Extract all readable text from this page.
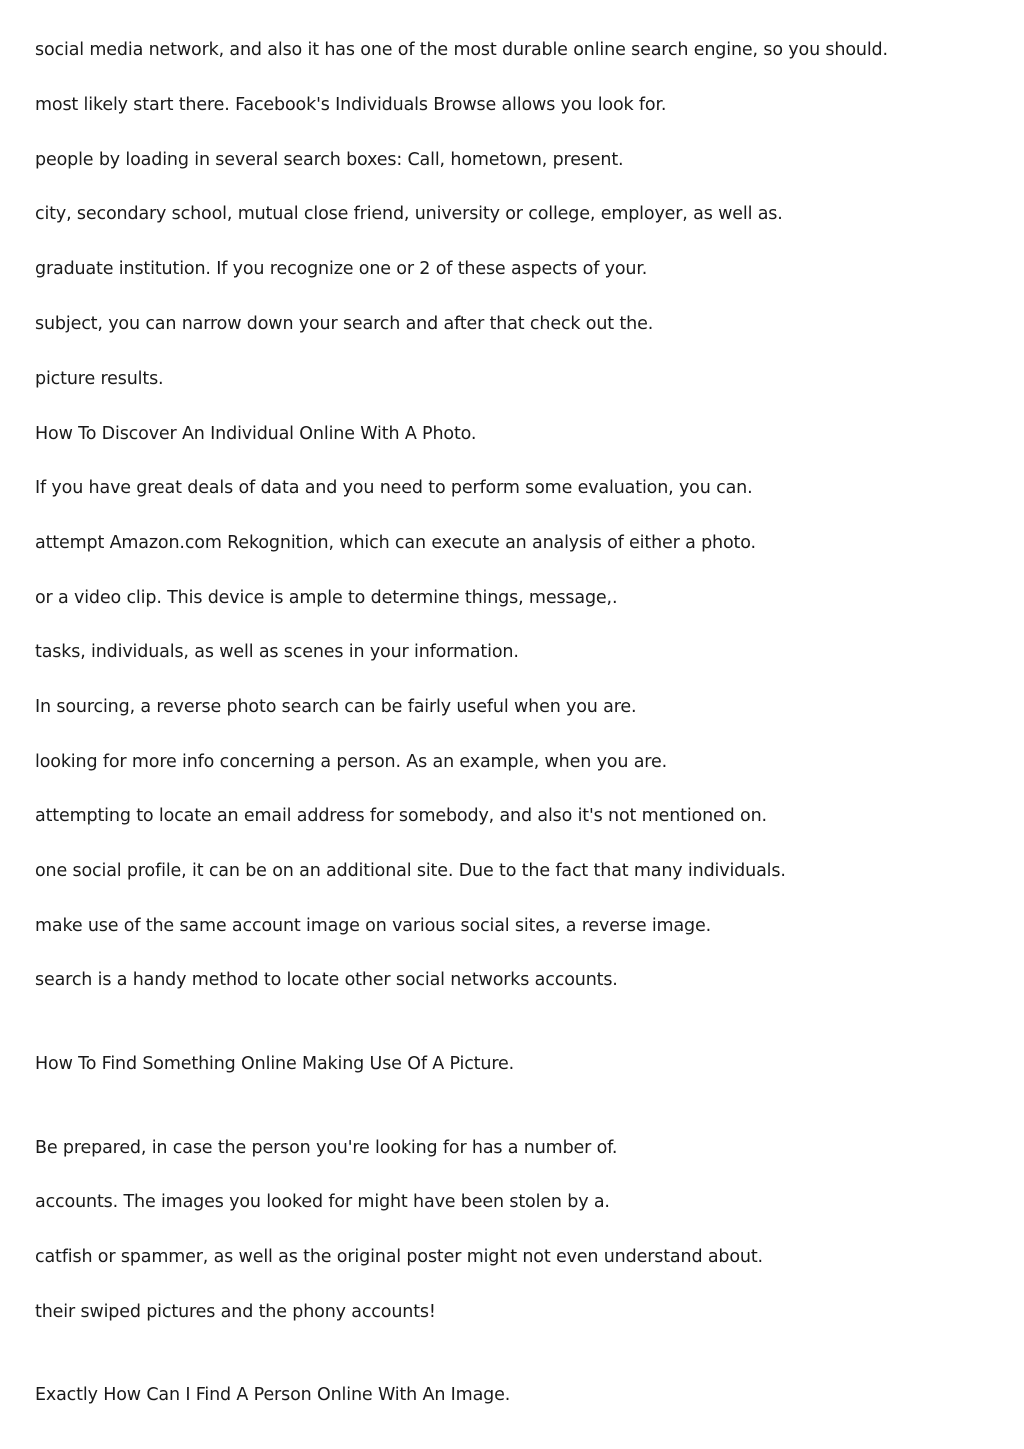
social media network, and also it has one of the most durable online search engine, so you should.

most likely start there. Facebook's Individuals Browse allows you look for.

people by loading in several search boxes: Call, hometown, present.

city, secondary school, mutual close friend, university or college, employer, as well as.

graduate institution. If you recognize one or 2 of these aspects of your.

subject, you can narrow down your search and after that check out the.

picture results.

How To Discover An Individual Online With A Photo.

If you have great deals of data and you need to perform some evaluation, you can.

attempt Amazon.com Rekognition, which can execute an analysis of either a photo.

or a video clip. This device is ample to determine things, message,.

tasks, individuals, as well as scenes in your information.

In sourcing, a reverse photo search can be fairly useful when you are.

looking for more info concerning a person. As an example, when you are.

attempting to locate an email address for somebody, and also it's not mentioned on.

one social profile, it can be on an additional site. Due to the fact that many individuals.

make use of the same account image on various social sites, a reverse image.

search is a handy method to locate other social networks accounts.

How To Find Something Online Making Use Of A Picture.

Be prepared, in case the person you're looking for has a number of.

accounts. The images you looked for might have been stolen by a.

catfish or spammer, as well as the original poster might not even understand about.

their swiped pictures and the phony accounts!

Exactly How Can I Find A Person Online With An Image.
